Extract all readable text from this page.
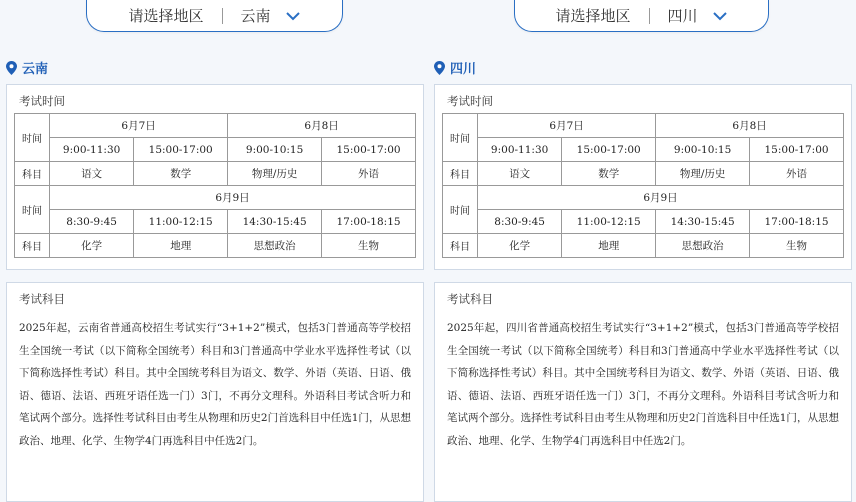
请选择地区 云南
云南
考试时间
时间	6月7日		6月8日	
	9:00-11:30	15:00-17:00	9:00-10:15	15:00-17:00
科目	语文	数学	物理/历史	外语
时间	6月9日			
	8:30-9:45	11:00-12:15	14:30-15:45	17:00-18:15
科目	化学	地理	思想政治	生物
考试科目
2025年起，云南省普通高校招生考试实行“3+1+2”模式，包括3门普通高等学校招生全国统一考试（以下简称全国统考）科目和3门普通高中学业水平选择性考试（以下简称选择性考试）科目。其中全国统考科目为语文、数学、外语（英语、日语、俄语、德语、法语、西班牙语任选一门）3门，不再分文理科。外语科目考试含听力和笔试两个部分。选择性考试科目由考生从物理和历史2门首选科目中任选1门，从思想政治、地理、化学、生物学4门再选科目中任选2门。
请选择地区 四川
四川
考试时间
时间	6月7日		6月8日	
	9:00-11:30	15:00-17:00	9:00-10:15	15:00-17:00
科目	语文	数学	物理/历史	外语
时间	6月9日			
	8:30-9:45	11:00-12:15	14:30-15:45	17:00-18:15
科目	化学	地理	思想政治	生物
考试科目
2025年起，四川省普通高校招生考试实行“3+1+2”模式，包括3门普通高等学校招生全国统一考试（以下简称全国统考）科目和3门普通高中学业水平选择性考试（以下简称选择性考试）科目。其中全国统考科目为语文、数学、外语（英语、日语、俄语、德语、法语、西班牙语任选一门）3门，不再分文理科。外语科目考试含听力和笔试两个部分。选择性考试科目由考生从物理和历史2门首选科目中任选1门，从思想政治、地理、化学、生物学4门再选科目中任选2门。
